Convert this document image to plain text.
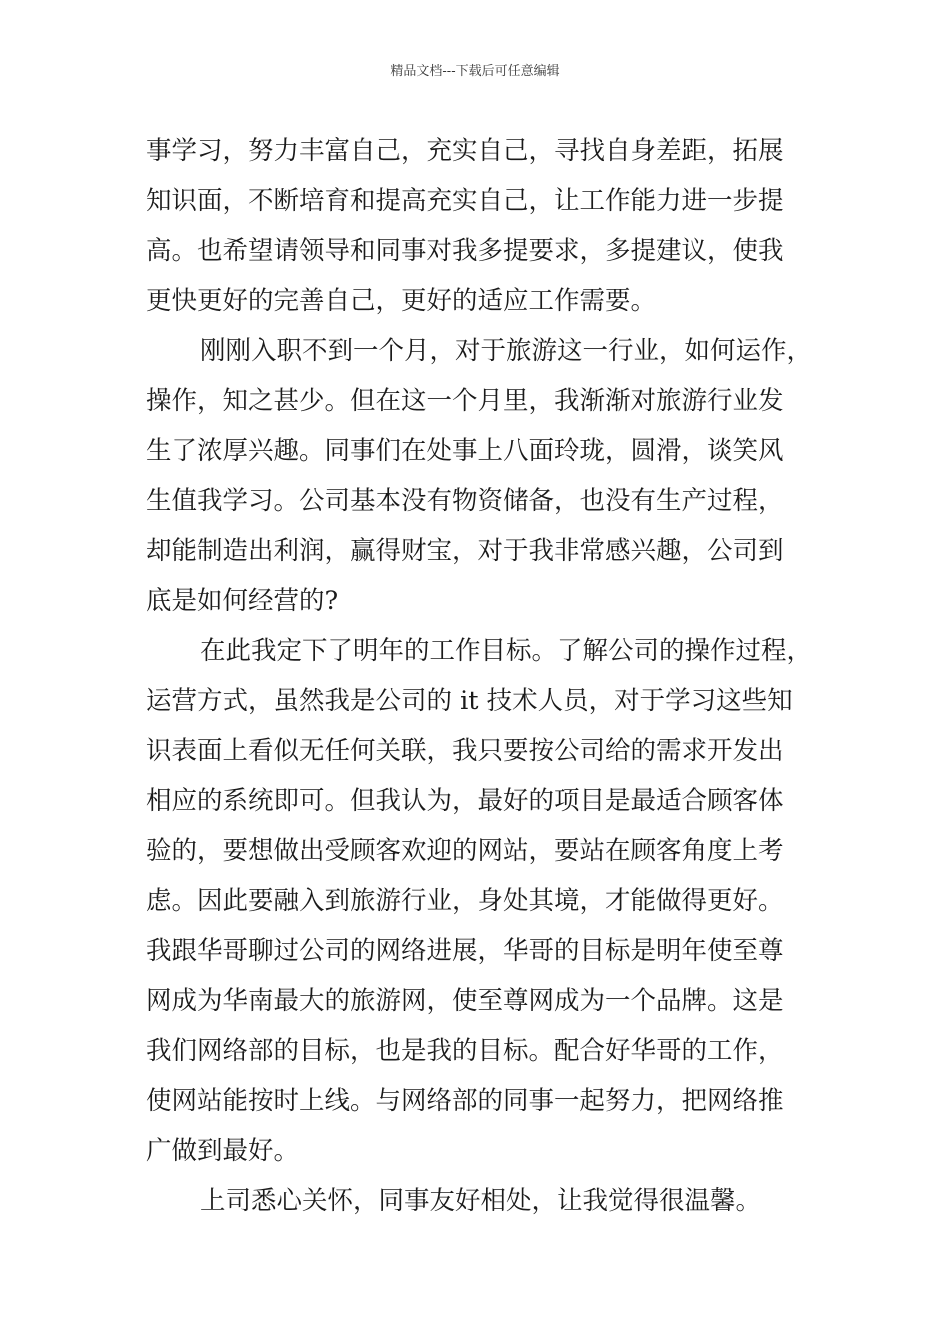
精品文档---下载后可任意编辑
事学习，努力丰富自己，充实自己，寻找自身差距，拓展
知识面，不断培育和提高充实自己，让工作能力进一步提
高。也希望请领导和同事对我多提要求，多提建议，使我
更快更好的完善自己，更好的适应工作需要。
刚刚入职不到一个月，对于旅游这一行业，如何运作，
操作，知之甚少。但在这一个月里，我渐渐对旅游行业发
生了浓厚兴趣。同事们在处事上八面玲珑，圆滑，谈笑风
生值我学习。公司基本没有物资储备，也没有生产过程，
却能制造出利润，赢得财宝，对于我非常感兴趣，公司到
底是如何经营的?
在此我定下了明年的工作目标。了解公司的操作过程，
运营方式，虽然我是公司的 it 技术人员，对于学习这些知
识表面上看似无任何关联，我只要按公司给的需求开发出
相应的系统即可。但我认为，最好的项目是最适合顾客体
验的，要想做出受顾客欢迎的网站，要站在顾客角度上考
虑。因此要融入到旅游行业，身处其境，才能做得更好。
我跟华哥聊过公司的网络进展，华哥的目标是明年使至尊
网成为华南最大的旅游网，使至尊网成为一个品牌。这是
我们网络部的目标，也是我的目标。配合好华哥的工作，
使网站能按时上线。与网络部的同事一起努力，把网络推
广做到最好。
上司悉心关怀，同事友好相处，让我觉得很温馨。
